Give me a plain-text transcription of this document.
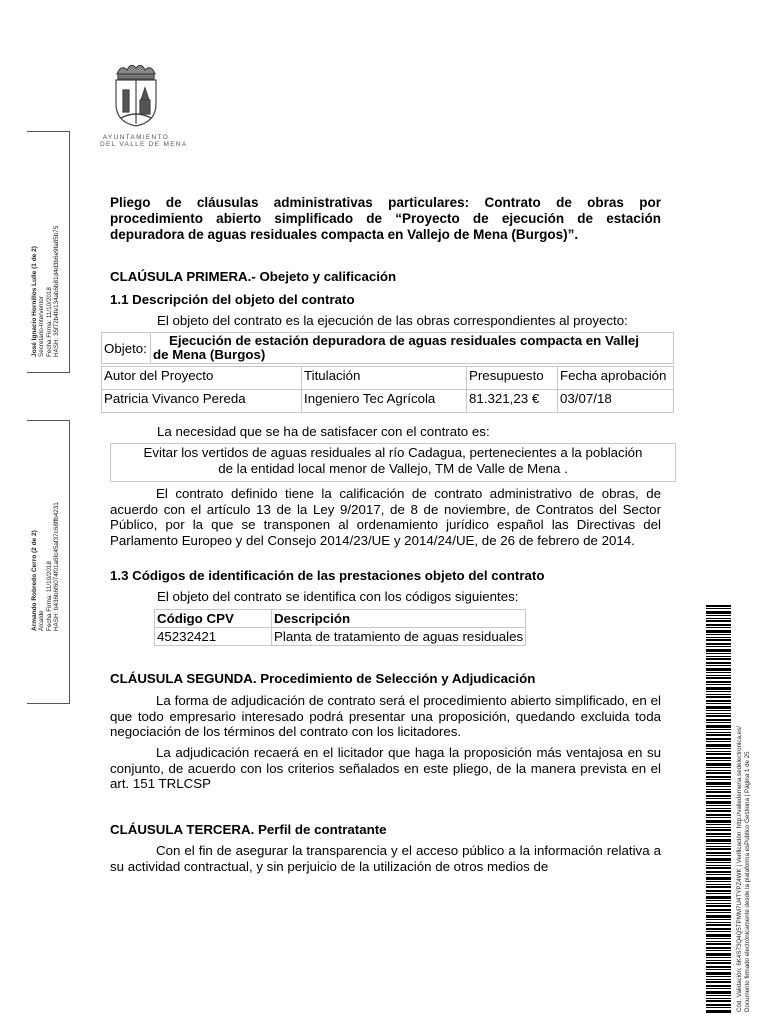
AYUNTAMIENTO
DEL VALLE DE MENA
José Ignacio Hornillos Lulle (1 de 2) Secretario-Interventor Fecha Firma: 11/10/2018 HASH: 35f72b4fe134ab6b81d4d3b6e9fa85b75
Armando Robredo Cerro (2 de 2) Alcalde Fecha Firma: 11/10/2018 HASH: b436b6f6074f01a6fc45af37c68ffb4231
Cód. Validación: 6K4S73Q4Q5TPMM7U4TYPZ4WK | Verificación: http://valledemena.sedelectronica.es/ Documento firmado electrónicamente desde la plataforma esPublico Gestiona | Página 1 de 25
Pliego de cláusulas administrativas particulares: Contrato de obras por procedimiento abierto simplificado de “Proyecto de ejecución de estación depuradora de aguas residuales compacta en Vallejo de Mena (Burgos)”.
CLAÚSULA PRIMERA.- Obejeto y calificación
1.1 Descripción del objeto del contrato
El objeto del contrato es la ejecución de las obras correspondientes al proyecto:
Objeto:	Ejecución de estación depuradora de aguas residuales compacta en Vallej
de Mena (Burgos)
Autor del Proyecto	Titulación	Presupuesto	Fecha aprobación
Patricia Vivanco Pereda	Ingeniero Tec Agrícola	81.321,23 €	03/07/18
La necesidad que se ha de satisfacer con el contrato es:
Evitar los vertidos de aguas residuales al río Cadagua, pertenecientes a la población
de la entidad local menor de Vallejo, TM de Valle de Mena .
El contrato definido tiene la calificación de contrato administrativo de obras, de acuerdo con el artículo 13 de la Ley 9/2017, de 8 de noviembre, de Contratos del Sector Público, por la que se transponen al ordenamiento jurídico español las Directivas del Parlamento Europeo y del Consejo 2014/23/UE y 2014/24/UE, de 26 de febrero de 2014.
1.3 Códigos de identificación de las prestaciones objeto del contrato
El objeto del contrato se identifica con los códigos siguientes:
Código CPV	Descripción
45232421	Planta de tratamiento de aguas residuales
CLÁUSULA SEGUNDA. Procedimiento de Selección y Adjudicación
La forma de adjudicación de contrato será el procedimiento abierto simplificado, en el que todo empresario interesado podrá presentar una proposición, quedando excluida toda negociación de los términos del contrato con los licitadores.
La adjudicación recaerá en el licitador que haga la proposición más ventajosa en su conjunto, de acuerdo con los criterios señalados en este pliego, de la manera prevista en el art. 151 TRLCSP
CLÁUSULA TERCERA. Perfil de contratante
Con el fin de asegurar la transparencia y el acceso público a la información relativa a su actividad contractual, y sin perjuicio de la utilización de otros medios de
